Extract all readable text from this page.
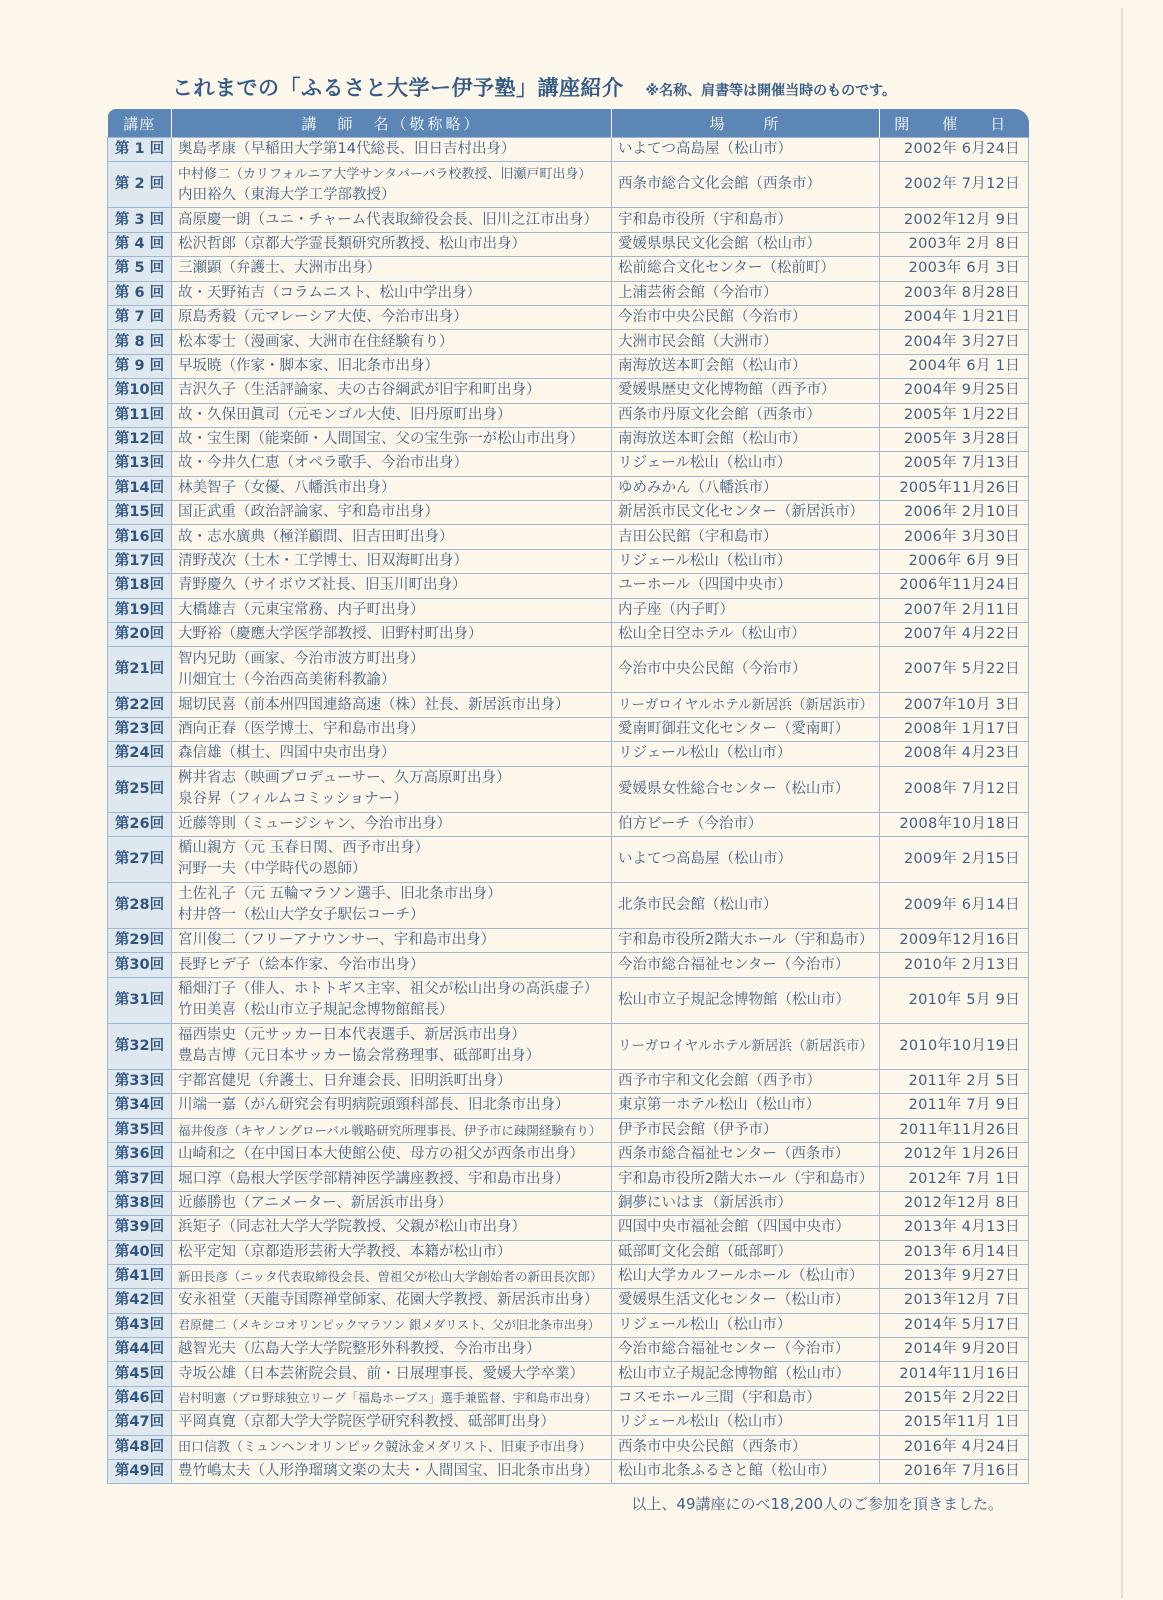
これまでの「ふるさと大学ー伊予塾」講座紹介 ※名称、肩書等は開催当時のものです。
講座	講　師　名（敬称略）	場　　所	開　催　日
第 1 回	奥島孝康（早稲田大学第14代総長、旧日吉村出身）	いよてつ高島屋（松山市）	2002年 6月24日
第 2 回	中村修二（カリフォルニア大学サンタバーバラ校教授、旧瀬戸町出身）
内田裕久（東海大学工学部教授）	西条市総合文化会館（西条市）	2002年 7月12日
第 3 回	高原慶一朗（ユニ・チャーム代表取締役会長、旧川之江市出身）	宇和島市役所（宇和島市）	2002年12月 9日
第 4 回	松沢哲郎（京都大学霊長類研究所教授、松山市出身）	愛媛県県民文化会館（松山市）	2003年 2月 8日
第 5 回	三瀬顕（弁護士、大洲市出身）	松前総合文化センター（松前町）	2003年 6月 3日
第 6 回	故・天野祐吉（コラムニスト、松山中学出身）	上浦芸術会館（今治市）	2003年 8月28日
第 7 回	原島秀毅（元マレーシア大使、今治市出身）	今治市中央公民館（今治市）	2004年 1月21日
第 8 回	松本零士（漫画家、大洲市在住経験有り）	大洲市民会館（大洲市）	2004年 3月27日
第 9 回	早坂暁（作家・脚本家、旧北条市出身）	南海放送本町会館（松山市）	2004年 6月 1日
第10回	吉沢久子（生活評論家、夫の古谷綱武が旧宇和町出身）	愛媛県歴史文化博物館（西予市）	2004年 9月25日
第11回	故・久保田眞司（元モンゴル大使、旧丹原町出身）	西条市丹原文化会館（西条市）	2005年 1月22日
第12回	故・宝生閑（能楽師・人間国宝、父の宝生弥一が松山市出身）	南海放送本町会館（松山市）	2005年 3月28日
第13回	故・今井久仁恵（オペラ歌手、今治市出身）	リジェール松山（松山市）	2005年 7月13日
第14回	林美智子（女優、八幡浜市出身）	ゆめみかん（八幡浜市）	2005年11月26日
第15回	国正武重（政治評論家、宇和島市出身）	新居浜市民文化センター（新居浜市）	2006年 2月10日
第16回	故・志水廣典（極洋顧問、旧吉田町出身）	吉田公民館（宇和島市）	2006年 3月30日
第17回	清野茂次（土木・工学博士、旧双海町出身）	リジェール松山（松山市）	2006年 6月 9日
第18回	青野慶久（サイボウズ社長、旧玉川町出身）	ユーホール（四国中央市）	2006年11月24日
第19回	大橋雄吉（元東宝常務、内子町出身）	内子座（内子町）	2007年 2月11日
第20回	大野裕（慶應大学医学部教授、旧野村町出身）	松山全日空ホテル（松山市）	2007年 4月22日
第21回	智内兄助（画家、今治市波方町出身）
川畑宜士（今治西高美術科教諭）	今治市中央公民館（今治市）	2007年 5月22日
第22回	堀切民喜（前本州四国連絡高速（株）社長、新居浜市出身）	リーガロイヤルホテル新居浜（新居浜市）	2007年10月 3日
第23回	酒向正春（医学博士、宇和島市出身）	愛南町御荘文化センター（愛南町）	2008年 1月17日
第24回	森信雄（棋士、四国中央市出身）	リジェール松山（松山市）	2008年 4月23日
第25回	桝井省志（映画プロデューサー、久万高原町出身）
泉谷昇（フィルムコミッショナー）	愛媛県女性総合センター（松山市）	2008年 7月12日
第26回	近藤等則（ミュージシャン、今治市出身）	伯方ビーチ（今治市）	2008年10月18日
第27回	楯山親方（元 玉春日関、西予市出身）
河野一夫（中学時代の恩師）	いよてつ高島屋（松山市）	2009年 2月15日
第28回	土佐礼子（元 五輪マラソン選手、旧北条市出身）
村井啓一（松山大学女子駅伝コーチ）	北条市民会館（松山市）	2009年 6月14日
第29回	宮川俊二（フリーアナウンサー、宇和島市出身）	宇和島市役所2階大ホール（宇和島市）	2009年12月16日
第30回	長野ヒデ子（絵本作家、今治市出身）	今治市総合福祉センター（今治市）	2010年 2月13日
第31回	稲畑汀子（俳人、ホトトギス主宰、祖父が松山出身の高浜虚子）
竹田美喜（松山市立子規記念博物館館長）	松山市立子規記念博物館（松山市）	2010年 5月 9日
第32回	福西崇史（元サッカー日本代表選手、新居浜市出身）
豊島吉博（元日本サッカー協会常務理事、砥部町出身）	リーガロイヤルホテル新居浜（新居浜市）	2010年10月19日
第33回	宇都宮健児（弁護士、日弁連会長、旧明浜町出身）	西予市宇和文化会館（西予市）	2011年 2月 5日
第34回	川端一嘉（がん研究会有明病院頭頸科部長、旧北条市出身）	東京第一ホテル松山（松山市）	2011年 7月 9日
第35回	福井俊彦（キヤノングローバル戦略研究所理事長、伊予市に疎開経験有り）	伊予市民会館（伊予市）	2011年11月26日
第36回	山崎和之（在中国日本大使館公使、母方の祖父が西条市出身）	西条市総合福祉センター（西条市）	2012年 1月26日
第37回	堀口淳（島根大学医学部精神医学講座教授、宇和島市出身）	宇和島市役所2階大ホール（宇和島市）	2012年 7月 1日
第38回	近藤勝也（アニメーター、新居浜市出身）	銅夢にいはま（新居浜市）	2012年12月 8日
第39回	浜矩子（同志社大学大学院教授、父親が松山市出身）	四国中央市福祉会館（四国中央市）	2013年 4月13日
第40回	松平定知（京都造形芸術大学教授、本籍が松山市）	砥部町文化会館（砥部町）	2013年 6月14日
第41回	新田長彦（ニッタ代表取締役会長、曽祖父が松山大学創始者の新田長次郎）	松山大学カルフールホール（松山市）	2013年 9月27日
第42回	安永祖堂（天龍寺国際禅堂師家、花園大学教授、新居浜市出身）	愛媛県生活文化センター（松山市）	2013年12月 7日
第43回	君原健二（メキシコオリンピックマラソン 銀メダリスト、父が旧北条市出身）	リジェール松山（松山市）	2014年 5月17日
第44回	越智光夫（広島大学大学院整形外科教授、今治市出身）	今治市総合福祉センター（今治市）	2014年 9月20日
第45回	寺坂公雄（日本芸術院会員、前・日展理事長、愛媛大学卒業）	松山市立子規記念博物館（松山市）	2014年11月16日
第46回	岩村明憲（プロ野球独立リーグ「福島ホープス」選手兼監督、宇和島市出身）	コスモホール三間（宇和島市）	2015年 2月22日
第47回	平岡真寛（京都大学大学院医学研究科教授、砥部町出身）	リジェール松山（松山市）	2015年11月 1日
第48回	田口信教（ミュンヘンオリンピック競泳金メダリスト、旧東予市出身）	西条市中央公民館（西条市）	2016年 4月24日
第49回	豊竹嶋太夫（人形浄瑠璃文楽の太夫・人間国宝、旧北条市出身）	松山市北条ふるさと館（松山市）	2016年 7月16日
以上、49講座にのべ18,200人のご参加を頂きました。
